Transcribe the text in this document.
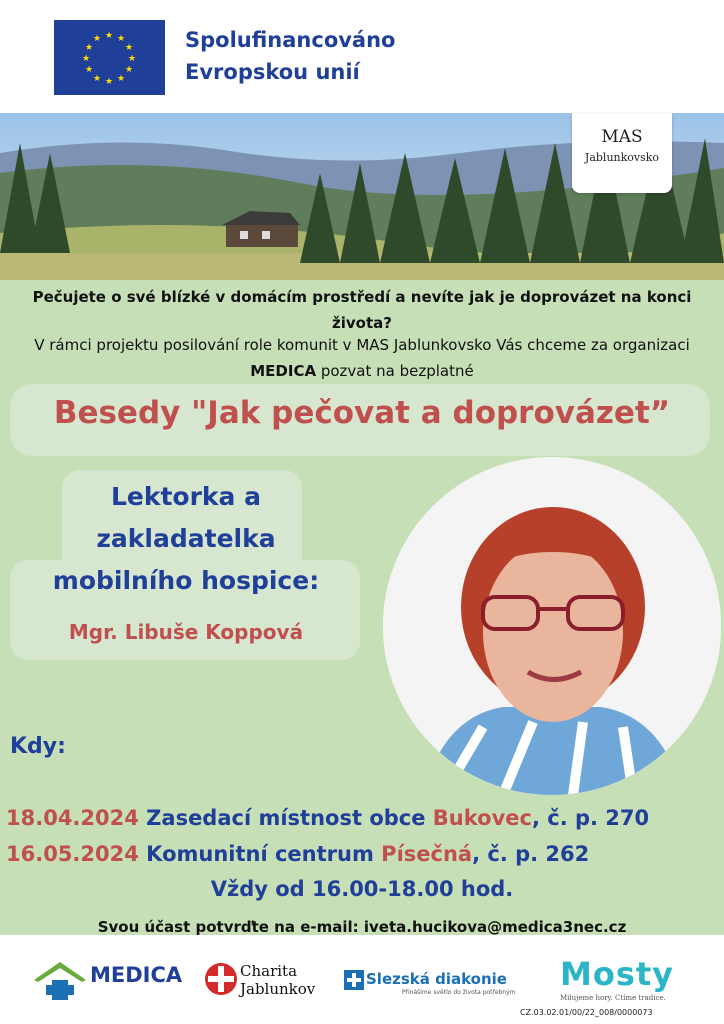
★ ★
★
★
★
★
★
★
★
★
★
★	Spolufinancováno
Evropskou unií
MAS
Jablunkovsko
Pečujete o své blízké v domácím prostředí a nevíte jak je doprovázet na konci života?
V rámci projektu posilování role komunit v MAS Jablunkovsko Vás chceme za organizaci MEDICA pozvat na bezplatné
Besedy "Jak pečovat a doprovázet”
Lektorka a
zakladatelka
mobilního hospice:
Mgr. Libuše Koppová
Kdy:
18.04.2024 Zasedací místnost obce Bukovec, č. p. 270
16.05.2024 Komunitní centrum Písečná, č. p. 262
Vždy od 16.00-18.00 hod.
Svou účast potvrďte na e-mail: iveta.hucikova@medica3nec.cz
MEDICA	Charita
Jablunkov
Slezská diakonie
Přinášíme světlo do života potřebným Mosty
Milujeme hory. Ctíme tradice.
CZ.03.02.01/00/22_008/0000073
